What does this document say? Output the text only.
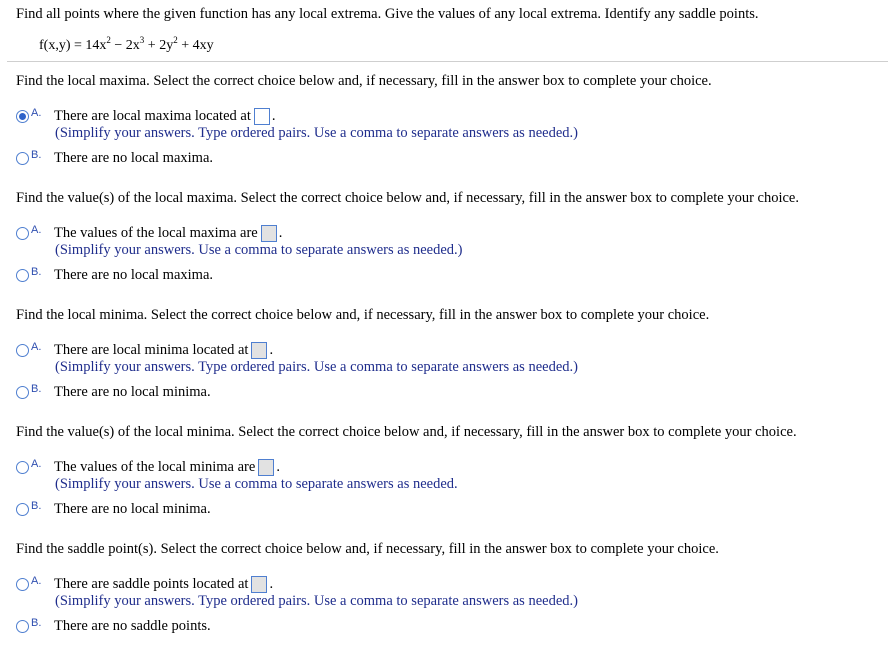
Find all points where the given function has any local extrema. Give the values of any local extrema. Identify any saddle points.
$f(x,y) = 14x^2 - 2x^3 + 2y^2 + 4xy$
Find the local maxima. Select the correct choice below and, if necessary, fill in the answer box to complete your choice.
A. There are local maxima located at .
(Simplify your answers. Type ordered pairs. Use a comma to separate answers as needed.)
B. There are no local maxima.
Find the value(s) of the local maxima. Select the correct choice below and, if necessary, fill in the answer box to complete your choice.
A. The values of the local maxima are .
(Simplify your answers. Use a comma to separate answers as needed.)
B. There are no local maxima.
Find the local minima. Select the correct choice below and, if necessary, fill in the answer box to complete your choice.
A. There are local minima located at .
(Simplify your answers. Type ordered pairs. Use a comma to separate answers as needed.)
B. There are no local minima.
Find the value(s) of the local minima. Select the correct choice below and, if necessary, fill in the answer box to complete your choice.
A. The values of the local minima are .
(Simplify your answers. Use a comma to separate answers as needed.
B. There are no local minima.
Find the saddle point(s). Select the correct choice below and, if necessary, fill in the answer box to complete your choice.
A. There are saddle points located at .
(Simplify your answers. Type ordered pairs. Use a comma to separate answers as needed.)
B. There are no saddle points.
